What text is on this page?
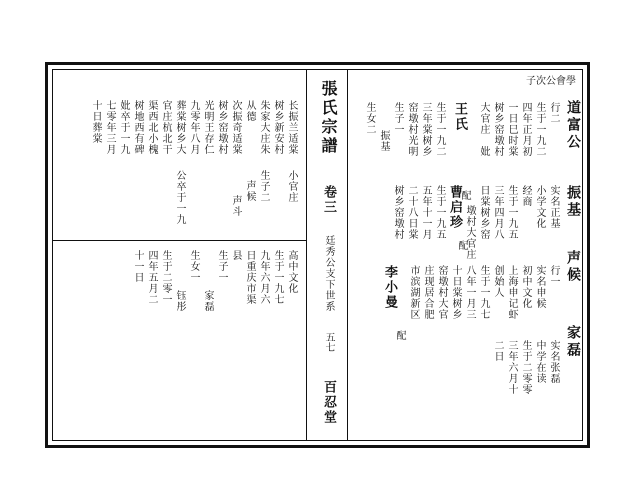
子次公會學
張氏宗譜
卷三
廷秀公支下世系
五七
百忍堂
道富公
振基
声候
家磊
行二
生于一九二
四年正月初
一日巳时棠
树乡窑墩村
大官庄　妣
王氏
配
生于一九二
三年棠树乡
窑墩村光明
生子一
振基
生女二
实名正基
小学文化
经商
生于一九五
三年四月八
日棠树乡窑
墩村大官庄
曹启珍
配
生于一九五
五年十一月
二十八日棠
树乡窑墩村
行一
实名申候
初中文化
上海申记虾
创始人
生于一九七
八年一月三
十日棠树乡
窑墩村大官
庄现居合肥
市滨湖新区
李小曼
配
实名张磊
中学在读
生于二零零
三年六月十
二日
长振兰适棠
树乡新安村
朱家大庄朱
从德
次振奇适棠
树乡窑墩村
光明王存仁
九零年八月
葬棠树乡大
官庄杭北干
渠西北小槐
树地西有碑
妣卒于一九
七零年三月
十日葬棠
小官庄
生子二
声候
声斗
公卒于一九
高中文化
生于一九七
九年六月六
日重庆市渠
县
生子一
家磊
生女一
钰彤
四年五月二
十一日 生于二零一
